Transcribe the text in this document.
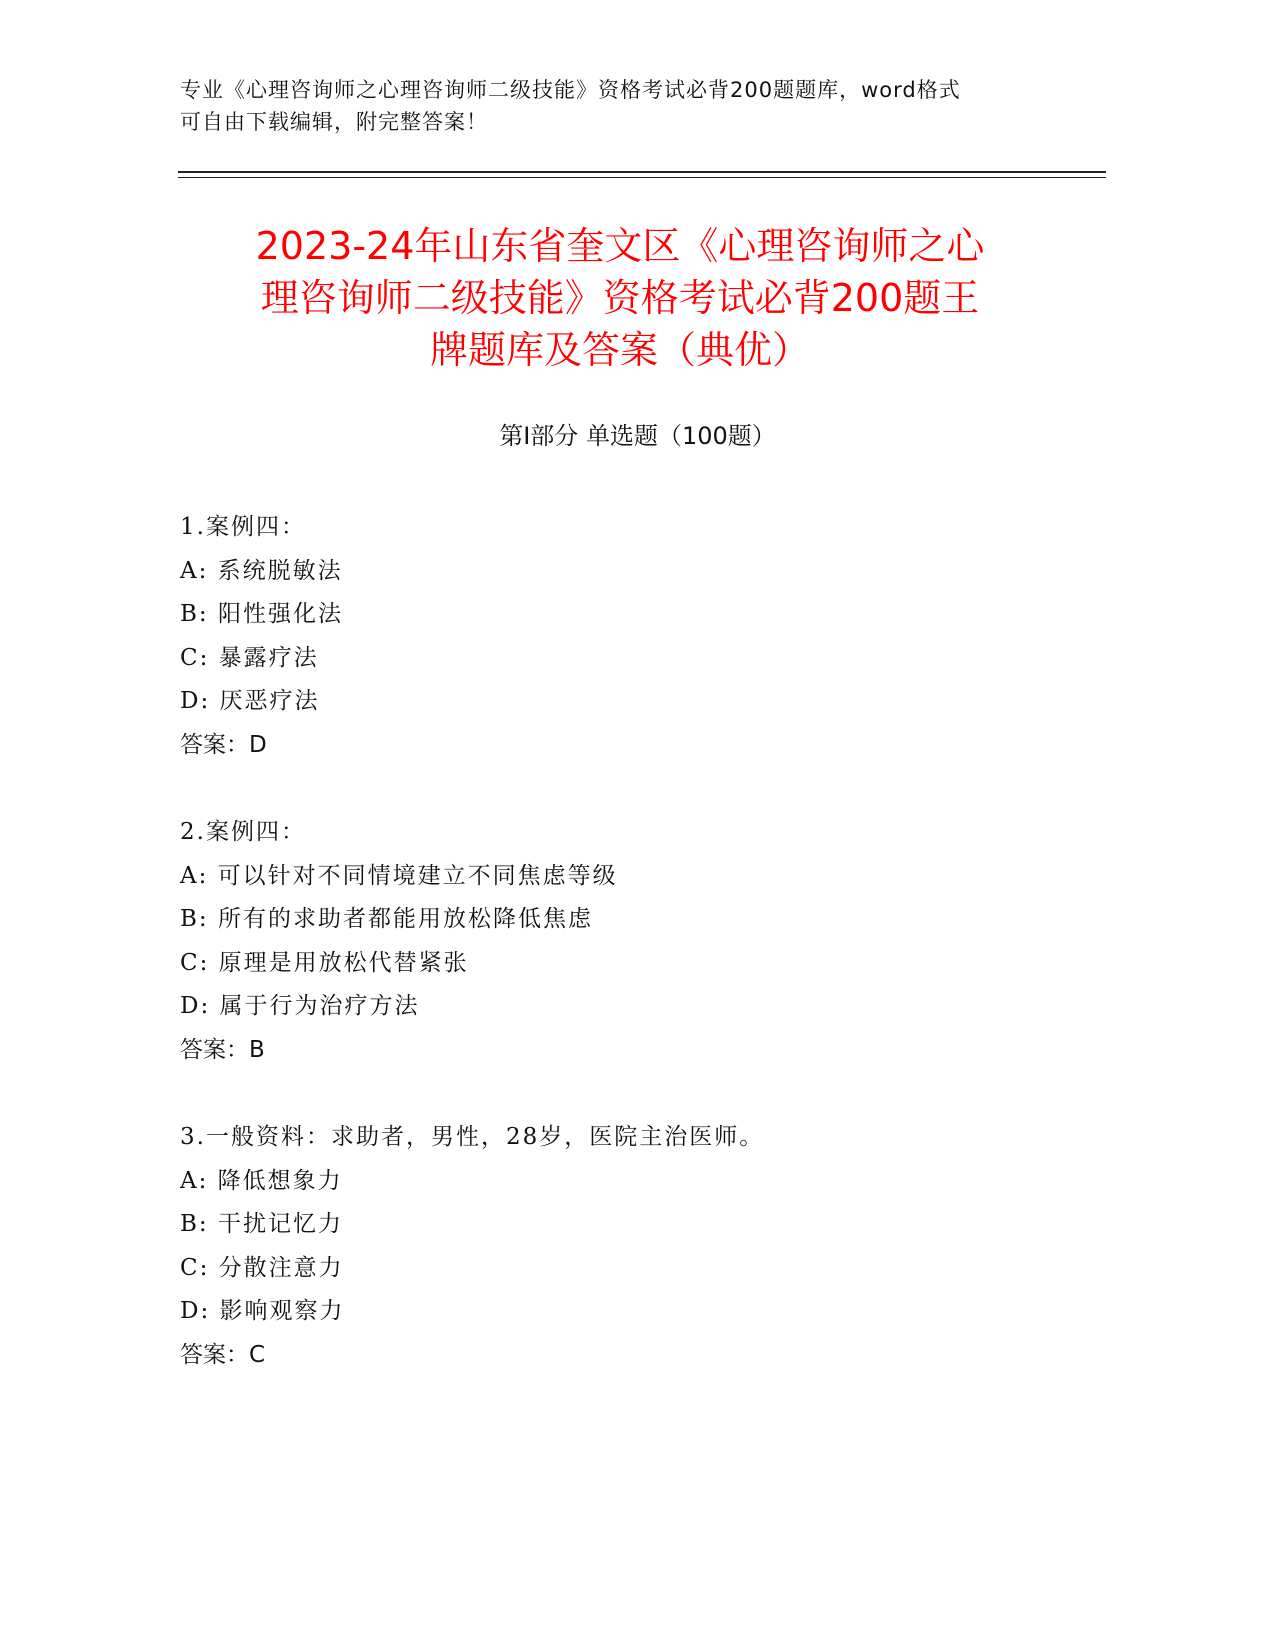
专业《心理咨询师之心理咨询师二级技能》资格考试必背200题题库，word格式
可自由下载编辑，附完整答案！
2023-24年山东省奎文区《心理咨询师之心
理咨询师二级技能》资格考试必背200题王
牌题库及答案（典优）
第Ⅰ部分 单选题（100题）
1.案例四：
A: 系统脱敏法
B: 阳性强化法
C: 暴露疗法
D: 厌恶疗法
答案：D
2.案例四：
A: 可以针对不同情境建立不同焦虑等级
B: 所有的求助者都能用放松降低焦虑
C: 原理是用放松代替紧张
D: 属于行为治疗方法
答案：B
3.一般资料：求助者，男性，28岁，医院主治医师。
A: 降低想象力
B: 干扰记忆力
C: 分散注意力
D: 影响观察力
答案：C
